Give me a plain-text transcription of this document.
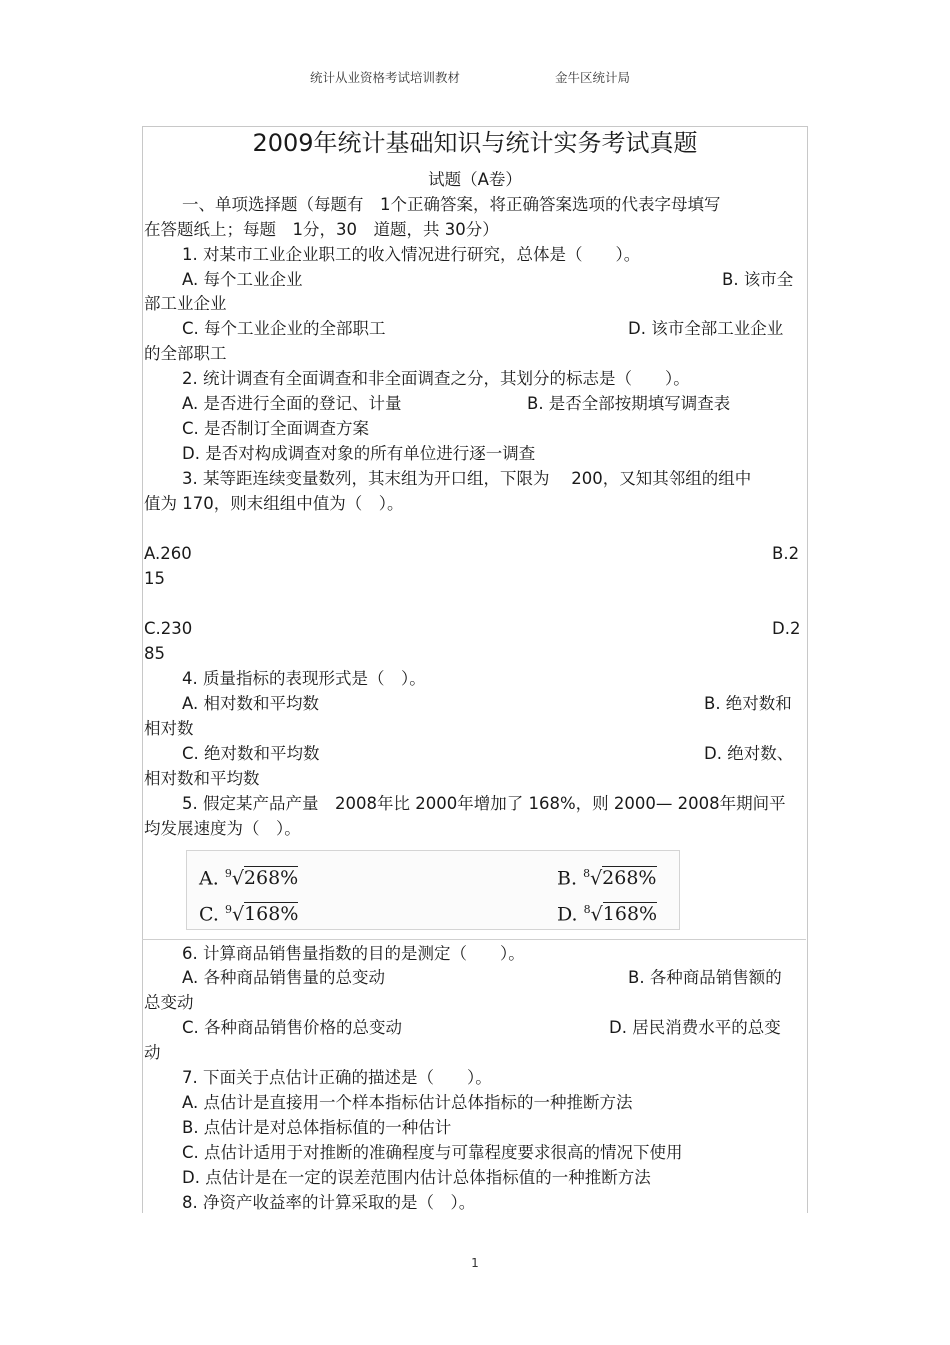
统计从业资格考试培训教材	金牛区统计局
2009年统计基础知识与统计实务考试真题
试题（A卷）
一、单项选择题（每题有　1个正确答案，将正确答案选项的代表字母填写
在答题纸上；每题　1分，30　道题，共 30分）
1. 对某市工业企业职工的收入情况进行研究，总体是（　　）。
A. 每个工业企业	B. 该市全
部工业企业
C. 每个工业企业的全部职工	D. 该市全部工业企业
的全部职工
2. 统计调查有全面调查和非全面调查之分，其划分的标志是（　　）。
A. 是否进行全面的登记、计量	B. 是否全部按期填写调查表
C. 是否制订全面调查方案
D. 是否对构成调查对象的所有单位进行逐一调查
3. 某等距连续变量数列，其末组为开口组，下限为　 200，又知其邻组的组中
值为 170，则末组组中值为（　）。
A.260	B.2
15
C.230	D.2
85
4. 质量指标的表现形式是（　）。
A. 相对数和平均数	B. 绝对数和
相对数
C. 绝对数和平均数	D. 绝对数、
相对数和平均数
5. 假定某产品产量　2008年比 2000年增加了 168%，则 2000— 2008年期间平
均发展速度为（　）。
A. $^9$√268%	B. $^8$√268%
C. $^9$√168%	D. $^8$√168%
6. 计算商品销售量指数的目的是测定（　　）。
A. 各种商品销售量的总变动	B. 各种商品销售额的
总变动
C. 各种商品销售价格的总变动	D. 居民消费水平的总变
动
7. 下面关于点估计正确的描述是（　　）。
A. 点估计是直接用一个样本指标估计总体指标的一种推断方法
B. 点估计是对总体指标值的一种估计
C. 点估计适用于对推断的准确程度与可靠程度要求很高的情况下使用
D. 点估计是在一定的误差范围内估计总体指标值的一种推断方法
8. 净资产收益率的计算采取的是（　）。
1
